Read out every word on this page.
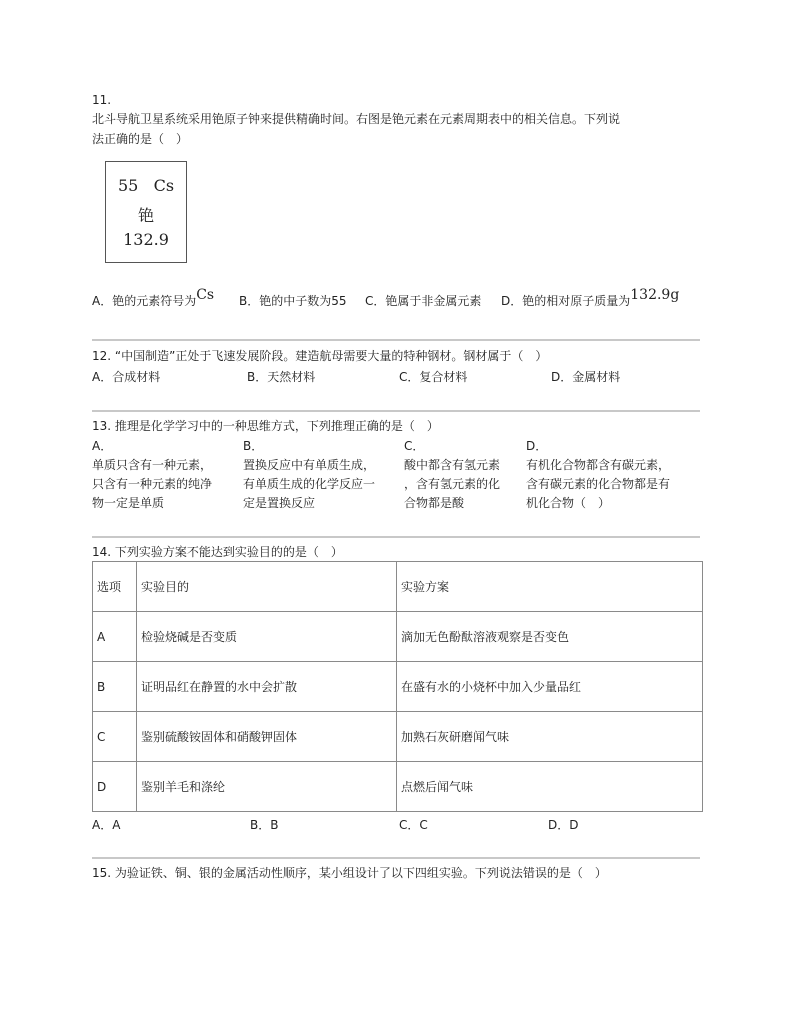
11.
北斗导航卫星系统采用铯原子钟来提供精确时间。右图是铯元素在元素周期表中的相关信息。下列说
法正确的是（　）
55 Cs
铯
132.9
A．铯的元素符号为Cs B．铯的中子数为55 C．铯属于非金属元素 D．铯的相对原子质量为132.9g
12. “中国制造”正处于飞速发展阶段。建造航母需要大量的特种钢材。钢材属于（　）
A．合成材料	B．天然材料	C．复合材料	D．金属材料
13. 推理是化学学习中的一种思维方式，下列推理正确的是（　）
A．
单质只含有一种元素，
只含有一种元素的纯净
物一定是单质
B．
置换反应中有单质生成，
有单质生成的化学反应一
定是置换反应
C．
酸中都含有氢元素
，含有氢元素的化
合物都是酸
D．
有机化合物都含有碳元素，
含有碳元素的化合物都是有
机化合物（　）
14. 下列实验方案不能达到实验目的的是（　）
选项	实验目的	实验方案
A	检验烧碱是否变质	滴加无色酚酞溶液观察是否变色
B	证明品红在静置的水中会扩散	在盛有水的小烧杯中加入少量品红
C	鉴别硫酸铵固体和硝酸钾固体	加熟石灰研磨闻气味
D	鉴别羊毛和涤纶	点燃后闻气味
A．A	B．B	C．C	D．D
15. 为验证铁、铜、银的金属活动性顺序，某小组设计了以下四组实验。下列说法错误的是（　）
